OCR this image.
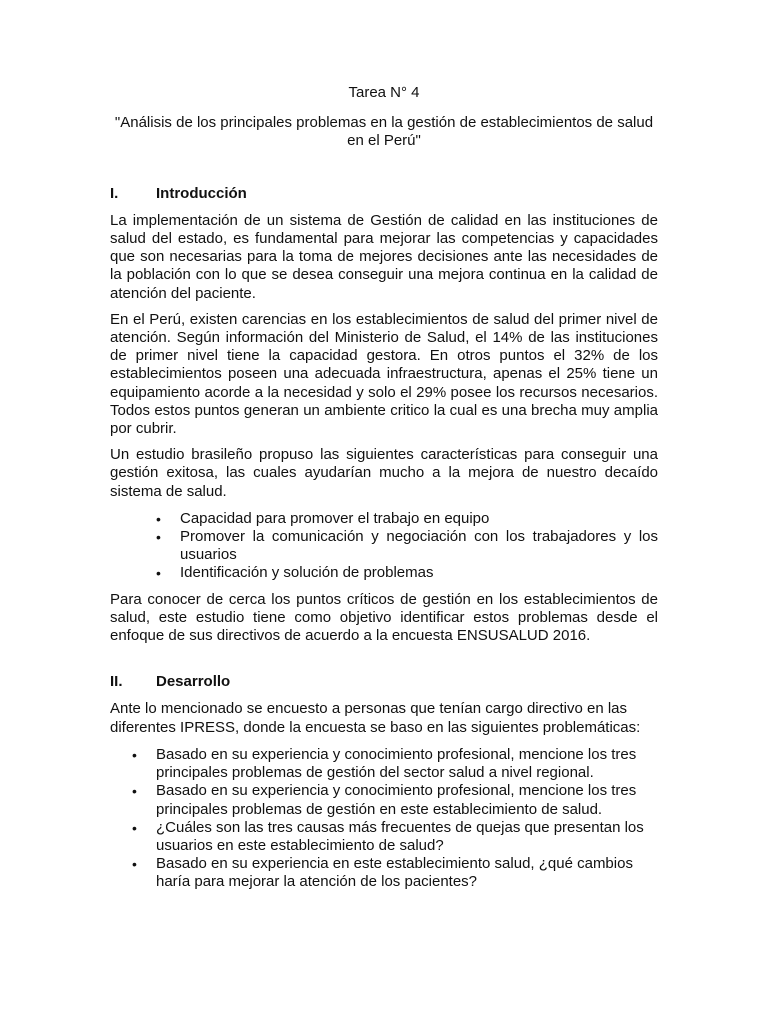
Tarea N° 4

"Análisis de los principales problemas en la gestión de establecimientos de salud en el Perú"

I.	Introducción

La implementación de un sistema de Gestión de calidad en las instituciones de salud del estado, es fundamental para mejorar las competencias y capacidades que son necesarias para la toma de mejores decisiones ante las necesidades de la población con lo que se desea conseguir una mejora continua en la calidad de atención del paciente.

En el Perú, existen carencias en los establecimientos de salud del primer nivel de atención. Según información del Ministerio de Salud, el 14% de las instituciones de primer nivel tiene la capacidad gestora. En otros puntos el 32% de los establecimientos poseen una adecuada infraestructura, apenas el 25% tiene un equipamiento acorde a la necesidad y solo el 29% posee los recursos necesarios. Todos estos puntos generan un ambiente critico la cual es una brecha muy amplia por cubrir.

Un estudio brasileño propuso las siguientes características para conseguir una gestión exitosa, las cuales ayudarían mucho a la mejora de nuestro decaído sistema de salud.

• Capacidad para promover el trabajo en equipo
• Promover la comunicación y negociación con los trabajadores y los usuarios
• Identificación y solución de problemas

Para conocer de cerca los puntos críticos de gestión en los establecimientos de salud, este estudio tiene como objetivo identificar estos problemas desde el enfoque de sus directivos de acuerdo a la encuesta ENSUSALUD 2016.

II.	Desarrollo

Ante lo mencionado se encuesto a personas que tenían cargo directivo en las diferentes IPRESS, donde la encuesta se baso en las siguientes problemáticas:

• Basado en su experiencia y conocimiento profesional, mencione los tres principales problemas de gestión del sector salud a nivel regional.
• Basado en su experiencia y conocimiento profesional, mencione los tres principales problemas de gestión en este establecimiento de salud.
• ¿Cuáles son las tres causas más frecuentes de quejas que presentan los usuarios en este establecimiento de salud?
• Basado en su experiencia en este establecimiento salud, ¿qué cambios haría para mejorar la atención de los pacientes?
